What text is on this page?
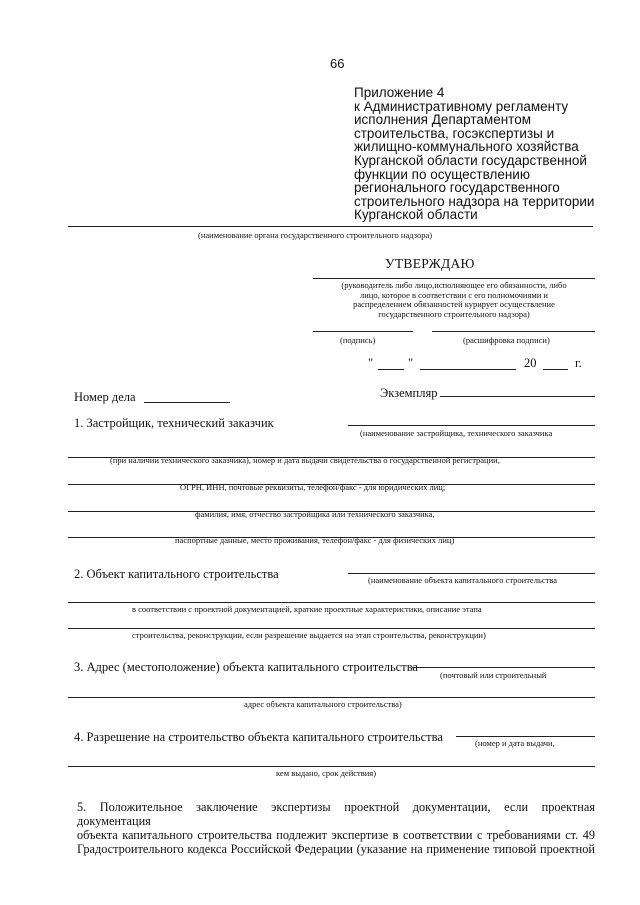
66
Приложение 4
к Административному регламенту
исполнения Департаментом
строительства, госэкспертизы и
жилищно-коммунального хозяйства
Курганской области государственной
функции по осуществлению
регионального государственного
строительного надзора на территории
Курганской области
(наименование органа государственного строительного надзора)
УТВЕРЖДАЮ
(руководитель либо лицо,исполняющее его обязанности, либо
лицо, которое в соответствии с его полномочиями и
распределением обязанностей курирует осуществление
государственного строительного надзора)
(подпись)	(расшифровка подписи)
"	"	20	г.
Номер дела	Экземпляр
1. Застройщик, технический заказчик
(наименование застройщика, технического заказчика
(при наличии технического заказчика), номер и дата выдачи свидетельства о государственной регистрации,
ОГРН, ИНН, почтовые реквизиты, телефон/факс - для юридических лиц;
фамилия, имя, отчество застройщика или технического заказчика,
паспортные данные, место проживания, телефон/факс - для физических лиц)
2. Объект капитального строительства	(наименование объекта капитального строительства
в соответствии с проектной документацией, краткие проектные характеристики, описание этапа
строительства, реконструкции, если разрешение выдается на этап строительства, реконструкции)
3. Адрес (местоположение) объекта капитального строительства
(почтовый или строительный
адрес объекта капитального строительства)
4. Разрешение на строительство объекта капитального строительства	(номер и дата выдачи,
кем выдано, срок действия)
5. Положительное заключение экспертизы проектной документации, если проектная документация
объекта капитального строительства подлежит экспертизе в соответствии с требованиями ст. 49
Градостроительного кодекса Российской Федерации (указание на применение типовой проектной
